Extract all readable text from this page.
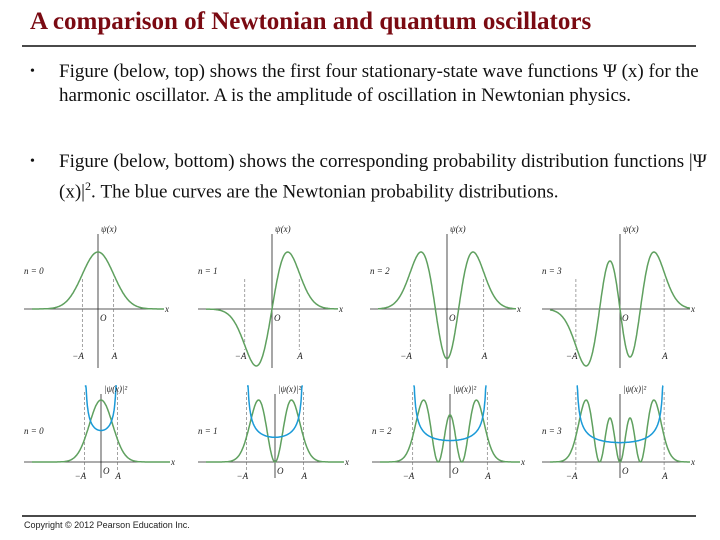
A comparison of Newtonian and quantum oscillators
• Figure (below, top) shows the first four stationary-state wave functions Ψ (x) for the harmonic oscillator. A is the amplitude of oscillation in Newtonian physics.
• Figure (below, bottom) shows the corresponding probability distribution functions |Ψ $(x)|^2$. The blue curves are the Newtonian probability distributions.
ψ(x)
x
O
−A	A
n = 0
ψ(x)
x
O
−A	A
n = 1
ψ(x)
x
O
−A	A
n = 2
ψ(x)
x
O
−A	A
n = 3
|ψ(x)|²
x
O
−A	A
n = 0
|ψ(x)|²
x
O
−A	A
n = 1
|ψ(x)|²
x
O
−A	A
n = 2
|ψ(x)|²
x
O
−A	A
n = 3
Copyright © 2012 Pearson Education Inc.
